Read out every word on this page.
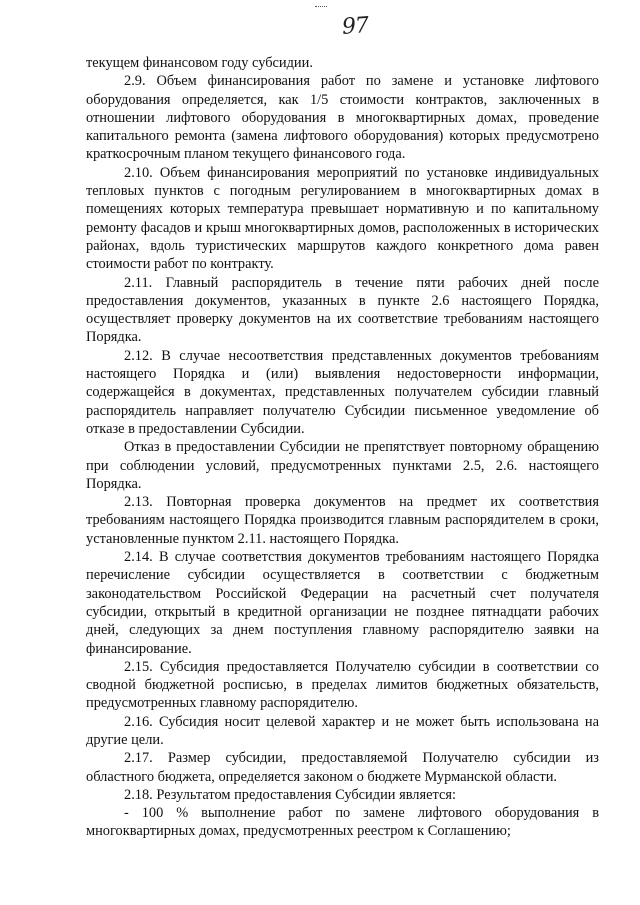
97

текущем финансовом году субсидии.

2.9. Объем финансирования работ по замене и установке лифтового оборудования определяется, как 1/5 стоимости контрактов, заключенных в отношении лифтового оборудования в многоквартирных домах, проведение капитального ремонта (замена лифтового оборудования) которых предусмотрено краткосрочным планом текущего финансового года.

2.10. Объем финансирования мероприятий по установке индивидуальных тепловых пунктов с погодным регулированием в многоквартирных домах в помещениях которых температура превышает нормативную и по капитальному ремонту фасадов и крыш многоквартирных домов, расположенных в исторических районах, вдоль туристических маршрутов каждого конкретного дома равен стоимости работ по контракту.

2.11. Главный распорядитель в течение пяти рабочих дней после предоставления документов, указанных в пункте 2.6 настоящего Порядка, осуществляет проверку документов на их соответствие требованиям настоящего Порядка.

2.12. В случае несоответствия представленных документов требованиям настоящего Порядка и (или) выявления недостоверности информации, содержащейся в документах, представленных получателем субсидии главный распорядитель направляет получателю Субсидии письменное уведомление об отказе в предоставлении Субсидии.

Отказ в предоставлении Субсидии не препятствует повторному обращению при соблюдении условий, предусмотренных пунктами 2.5, 2.6. настоящего Порядка.

2.13. Повторная проверка документов на предмет их соответствия требованиям настоящего Порядка производится главным распорядителем в сроки, установленные пунктом 2.11. настоящего Порядка.

2.14. В случае соответствия документов требованиям настоящего Порядка перечисление субсидии осуществляется в соответствии с бюджетным законодательством Российской Федерации на расчетный счет получателя субсидии, открытый в кредитной организации не позднее пятнадцати рабочих дней, следующих за днем поступления главному распорядителю заявки на финансирование.

2.15. Субсидия предоставляется Получателю субсидии в соответствии со сводной бюджетной росписью, в пределах лимитов бюджетных обязательств, предусмотренных главному распорядителю.

2.16. Субсидия носит целевой характер и не может быть использована на другие цели.

2.17. Размер субсидии, предоставляемой Получателю субсидии из областного бюджета, определяется законом о бюджете Мурманской области.

2.18. Результатом предоставления Субсидии является:

- 100 % выполнение работ по замене лифтового оборудования в многоквартирных домах, предусмотренных реестром к Соглашению;
